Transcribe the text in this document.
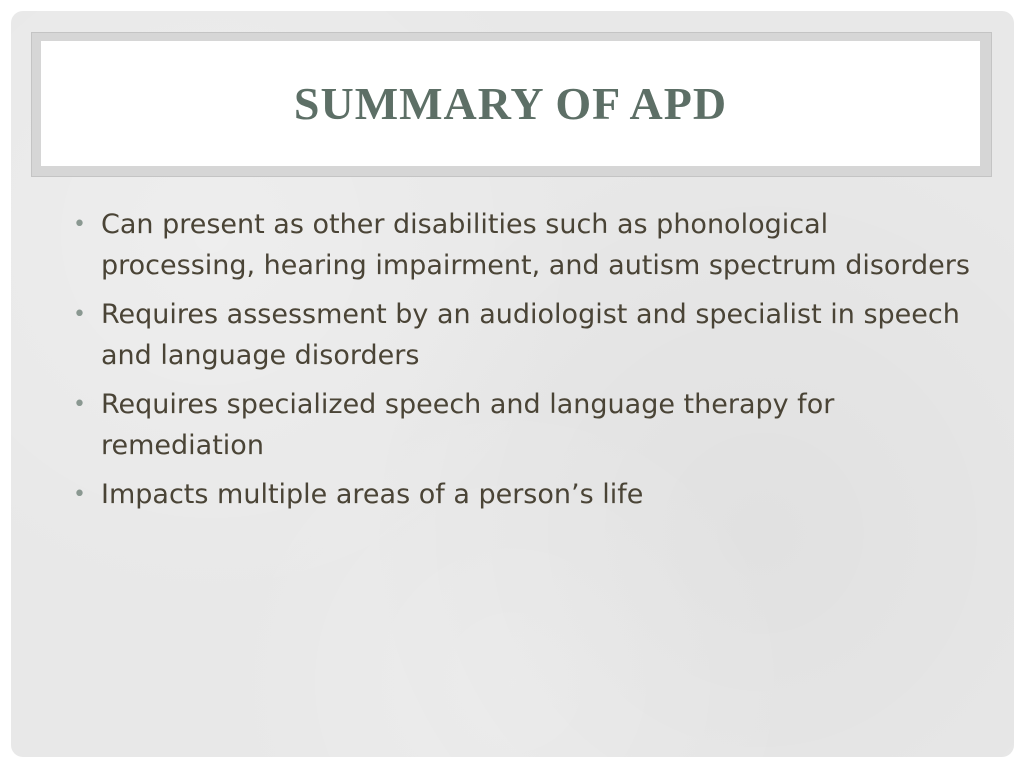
SUMMARY OF APD
• Can present as other disabilities such as phonological processing, hearing impairment, and autism spectrum disorders
• Requires assessment by an audiologist and specialist in speech and language disorders
• Requires specialized speech and language therapy for remediation
• Impacts multiple areas of a person’s life
